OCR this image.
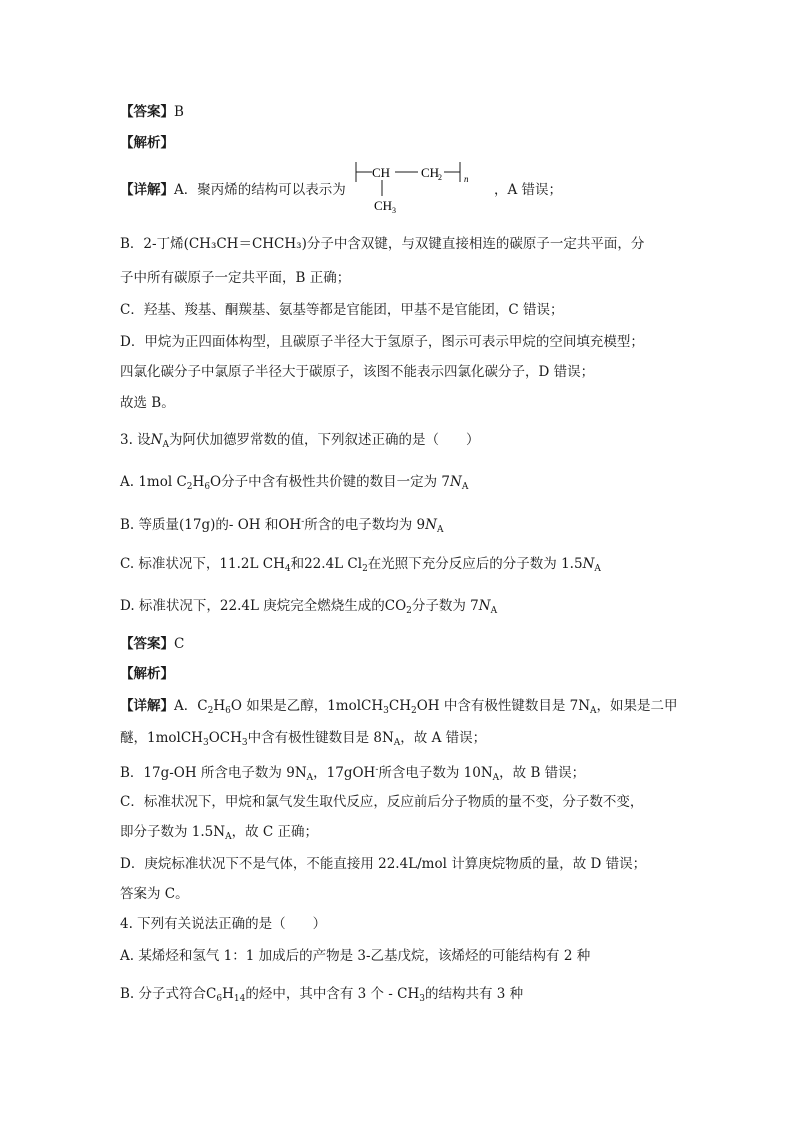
【答案】B
【解析】
【详解】A．聚丙烯的结构可以表示为
CH CH
2 n
CH 3
，A 错误；
B．2-丁烯(CH₃CH＝CHCH₃)分子中含双键，与双键直接相连的碳原子一定共平面，分
子中所有碳原子一定共平面，B 正确；
C．羟基、羧基、酮羰基、氨基等都是官能团，甲基不是官能团，C 错误；
D．甲烷为正四面体构型，且碳原子半径大于氢原子，图示可表示甲烷的空间填充模型；
四氯化碳分子中氯原子半径大于碳原子，该图不能表示四氯化碳分子，D 错误；
故选 B。
3. 设$N_A$为阿伏加德罗常数的值，下列叙述正确的是（　　）
A. 1mol $C_2H_6O$分子中含有极性共价键的数目一定为 $7N_A$
B. 等质量(17g)的- OH 和OH-所含的电子数均为 $9N_A$
C. 标准状况下，11.2L $CH_4$和22.4L $Cl_2$在光照下充分反应后的分子数为 $1.5N_A$
D. 标准状况下，22.4L 庚烷完全燃烧生成的$CO_2$分子数为 $7N_A$
【答案】C
【解析】
【详解】A．$C_2H_6O$ 如果是乙醇，$1molCH_3CH_2OH$ 中含有极性键数目是 $7N_A$，如果是二甲
醚，$1molCH_3OCH_3$中含有极性键数目是 $8N_A$，故 A 错误；
B．17g-OH 所含电子数为 $9N_A$，17gOH-所含电子数为 $10N_A$，故 B 错误；
C．标准状况下，甲烷和氯气发生取代反应，反应前后分子物质的量不变，分子数不变，
即分子数为 $1.5N_A$，故 C 正确；
D．庚烷标准状况下不是气体，不能直接用 22.4L/mol 计算庚烷物质的量，故 D 错误；
答案为 C。
4. 下列有关说法正确的是（　　）
A. 某烯烃和氢气 1：1 加成后的产物是 3-乙基戊烷，该烯烃的可能结构有 2 种
B. 分子式符合$C_6H_{14}$的烃中，其中含有 3 个 - $CH_3$的结构共有 3 种
